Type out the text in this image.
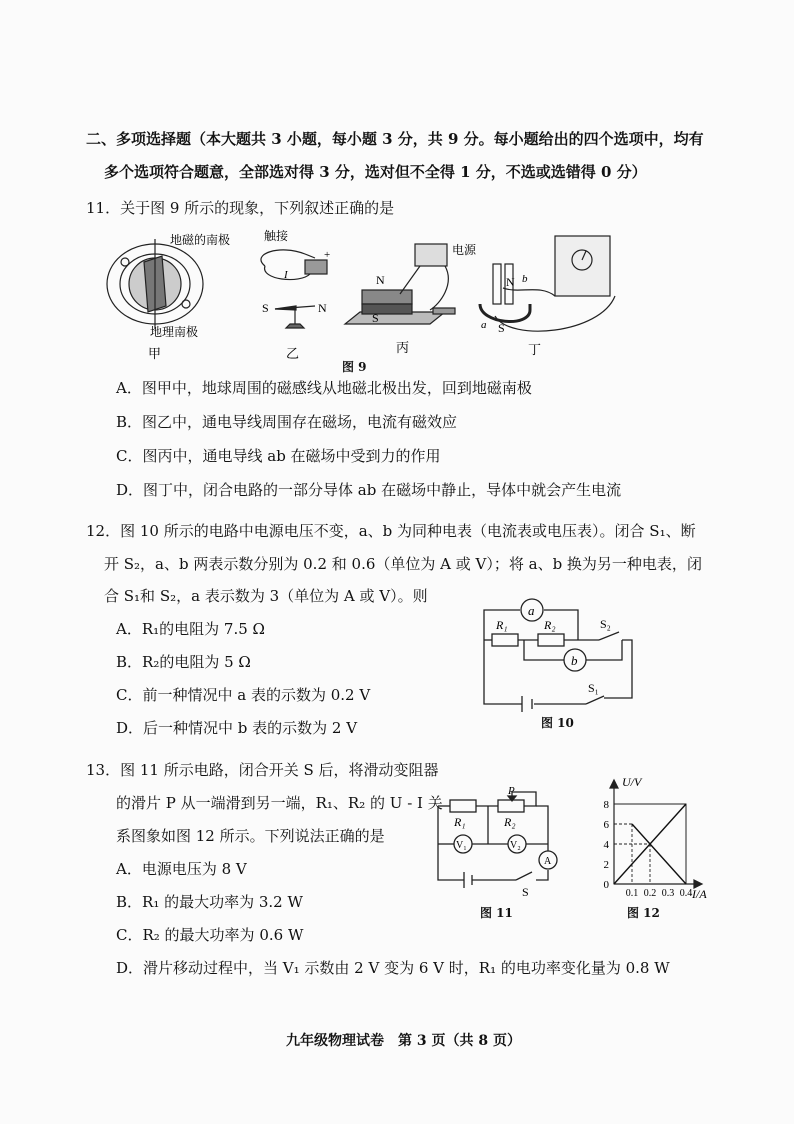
二、多项选择题（本大题共 3 小题，每小题 3 分，共 9 分。每小题给出的四个选项中，均有
多个选项符合题意，全部选对得 3 分，选对但不全得 1 分，不选或选错得 0 分）
11．关于图 9 所示的现象，下列叙述正确的是
地磁的南极
地理南极
甲
触接
+
I
S	N
乙
N
S
电源
丙
N
S
a
b
丁
图 9
A．图甲中，地球周围的磁感线从地磁北极出发，回到地磁南极
B．图乙中，通电导线周围存在磁场，电流有磁效应
C．图丙中，通电导线 ab 在磁场中受到力的作用
D．图丁中，闭合电路的一部分导体 ab 在磁场中静止，导体中就会产生电流
12．图 10 所示的电路中电源电压不变，a、b 为同种电表（电流表或电压表）。闭合 S₁、断
开 S₂，a、b 两表示数分别为 0.2 和 0.6（单位为 A 或 V）；将 a、b 换为另一种电表，闭
合 S₁和 S₂，a 表示数为 3（单位为 A 或 V）。则
A．R₁的电阻为 7.5 Ω
B．R₂的电阻为 5 Ω
C．前一种情况中 a 表的示数为 0.2 V
D．后一种情况中 b 表的示数为 2 V
a
b
R₁	R₂	S₂
S₁
图 10
13．图 11 所示电路，闭合开关 S 后，将滑动变阻器
的滑片 P 从一端滑到另一端，R₁、R₂ 的 U - I 关
系图象如图 12 所示。下列说法正确的是
A．电源电压为 8 V
B．R₁ 的最大功率为 3.2 W
C．R₂ 的最大功率为 0.6 W
D．滑片移动过程中，当 V₁ 示数由 2 V 变为 6 V 时，R₁ 的电功率变化量为 0.8 W
P
R₁	R₂
V₁	V₂
A
S
图 11
0
2
4
6
8
0.1 0.2 0.3 0.4
U/V
I/A
图 12
九年级物理试卷　第 3 页（共 8 页）
